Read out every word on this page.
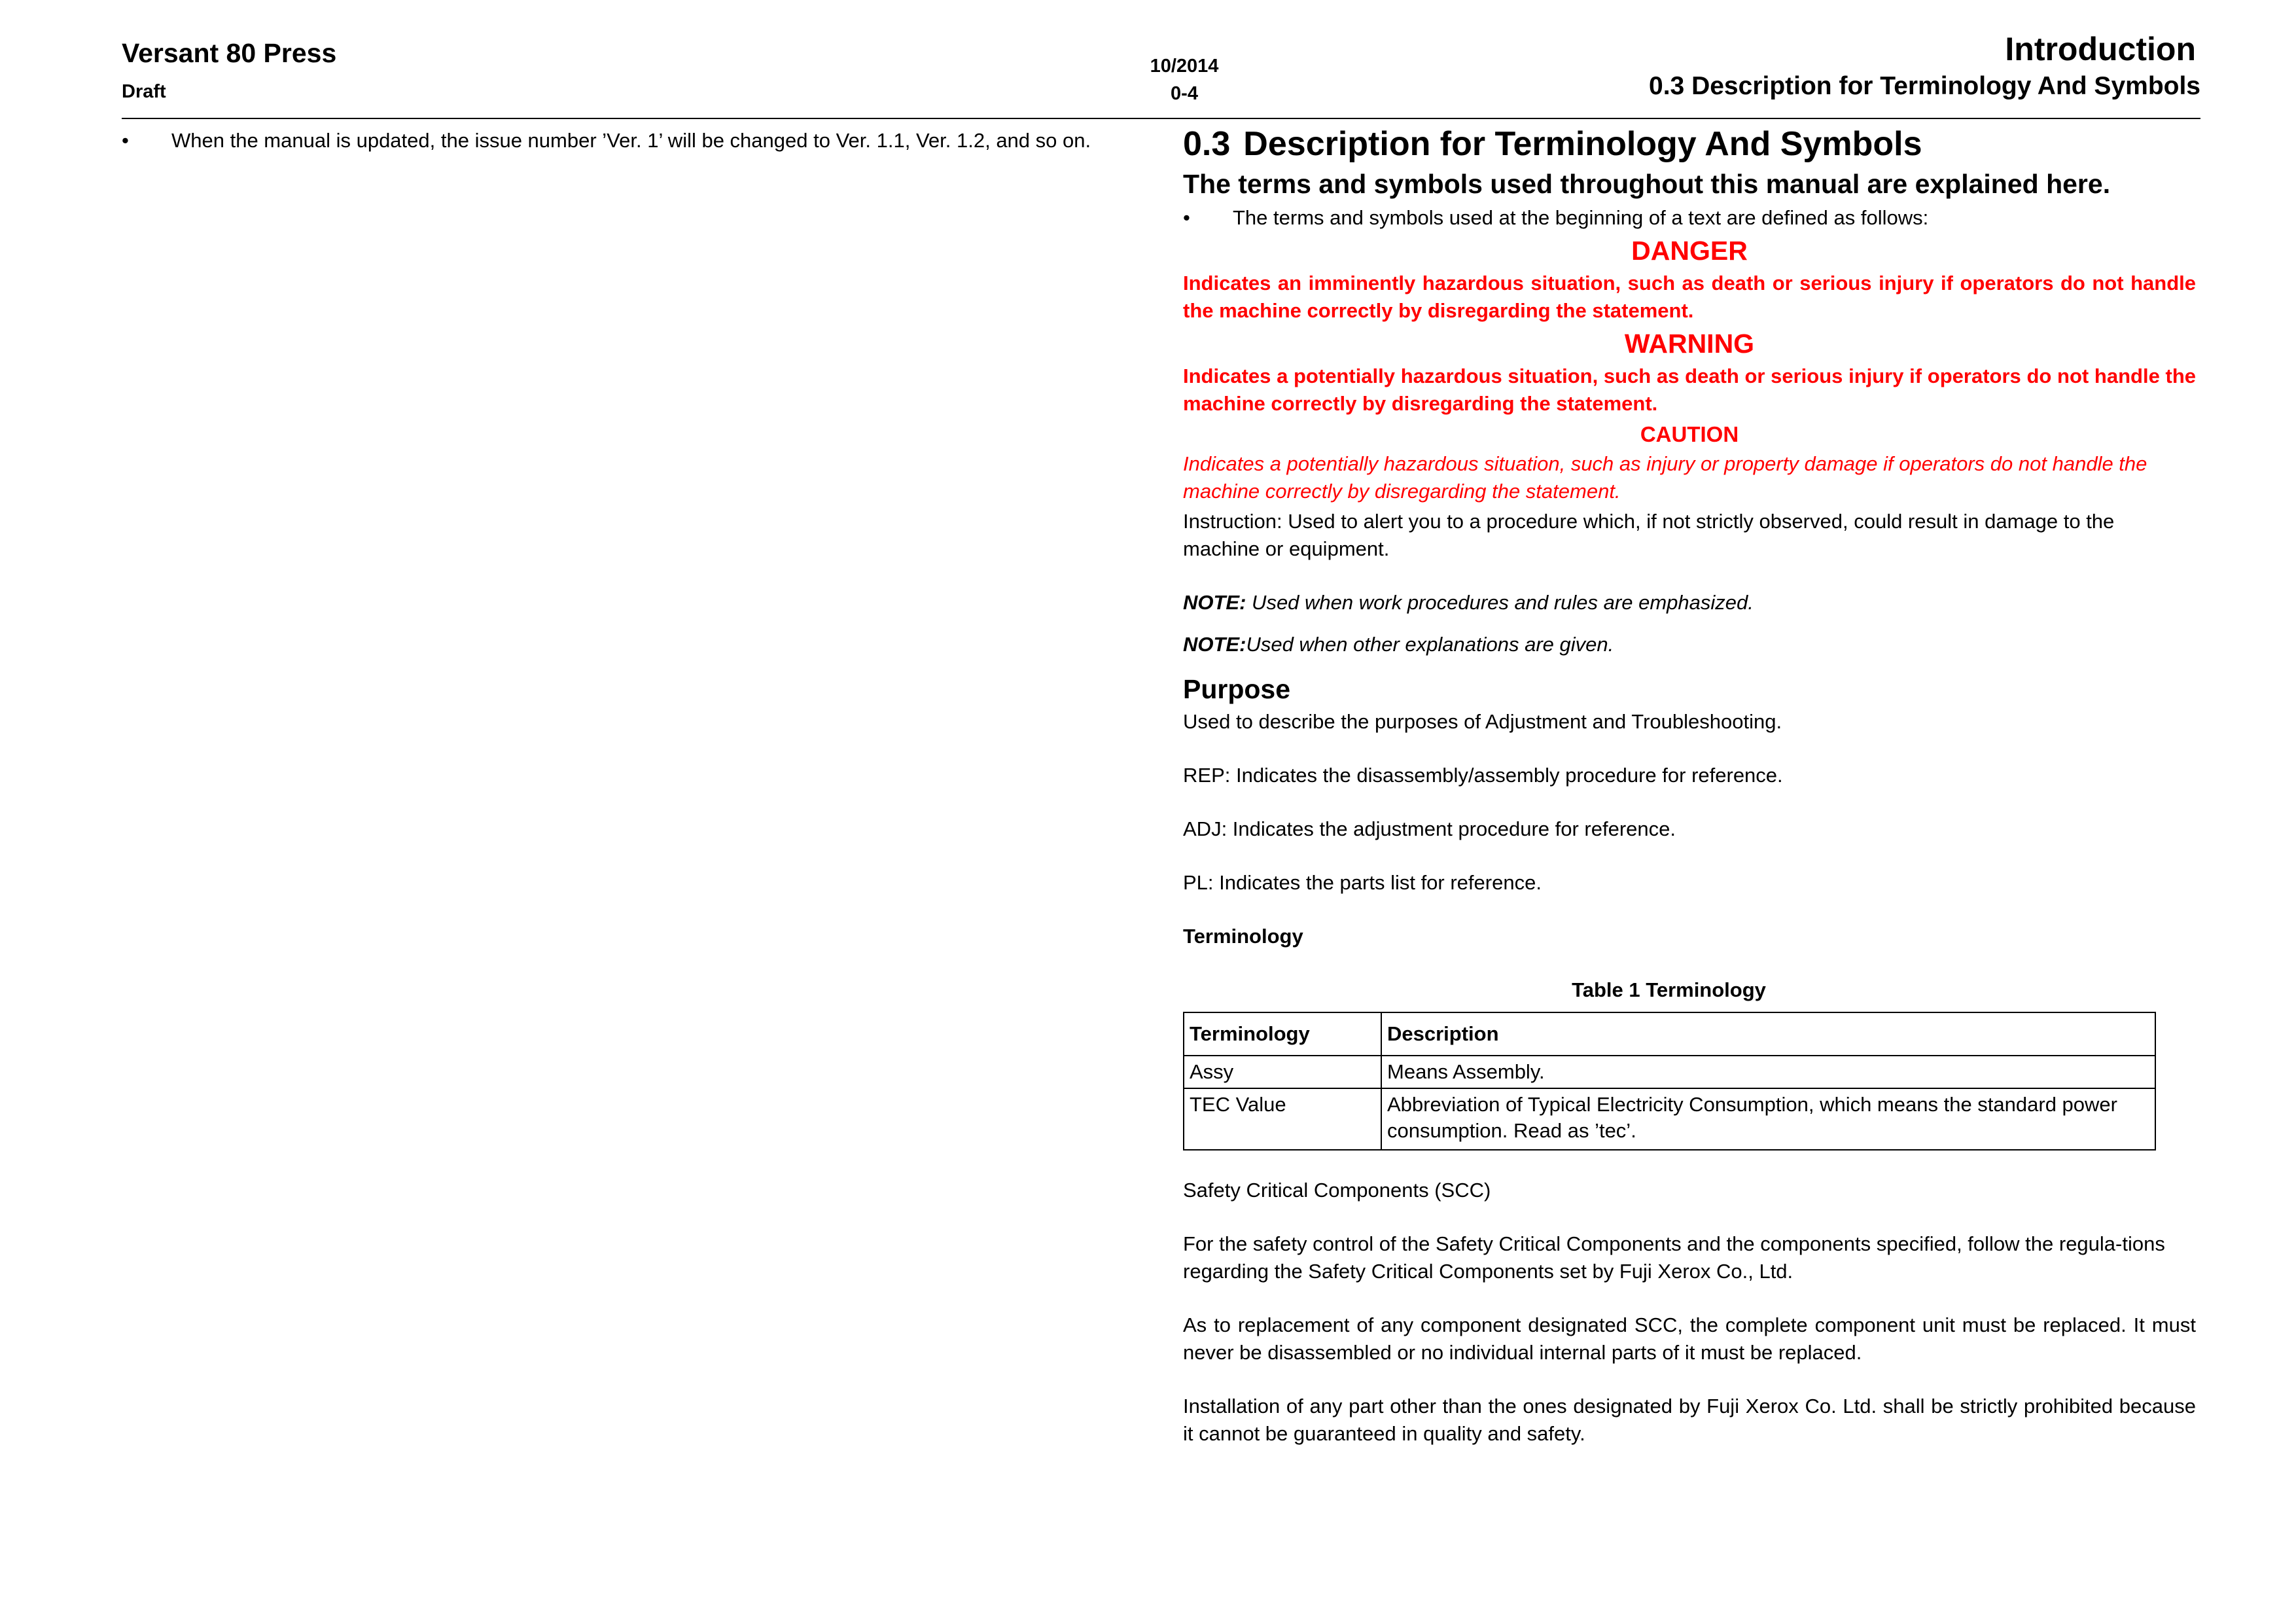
Versant 80 Press
Draft
10/2014
0-4
Introduction
0.3 Description for Terminology And Symbols
•	When the manual is updated, the issue number ’Ver. 1’ will be changed to Ver. 1.1, Ver. 1.2, and so on.	0.3 Description for Terminology And Symbols
The terms and symbols used throughout this manual are explained here.
•	The terms and symbols used at the beginning of a text are defined as follows:
DANGER
Indicates an imminently hazardous situation, such as death or serious injury if operators do not handle the machine correctly by disregarding the statement.
WARNING
Indicates a potentially hazardous situation, such as death or serious injury if operators do not handle the machine correctly by disregarding the statement.
CAUTION
Indicates a potentially hazardous situation, such as injury or property damage if operators do not handle the machine correctly by disregarding the statement.
Instruction: Used to alert you to a procedure which, if not strictly observed, could result in damage to the machine or equipment.
NOTE: Used when work procedures and rules are emphasized.
NOTE:Used when other explanations are given.
Purpose
Used to describe the purposes of Adjustment and Troubleshooting.
REP: Indicates the disassembly/assembly procedure for reference.
ADJ: Indicates the adjustment procedure for reference.
PL: Indicates the parts list for reference.
Terminology
Table 1 Terminology
Terminology	Description
Assy	Means Assembly.
TEC Value	Abbreviation of Typical Electricity Consumption, which means the standard power consumption. Read as ’tec’.
Safety Critical Components (SCC)
For the safety control of the Safety Critical Components and the components specified, follow the regula-tions regarding the Safety Critical Components set by Fuji Xerox Co., Ltd.
As to replacement of any component designated SCC, the complete component unit must be replaced. It must never be disassembled or no individual internal parts of it must be replaced.
Installation of any part other than the ones designated by Fuji Xerox Co. Ltd. shall be strictly prohibited because it cannot be guaranteed in quality and safety.
